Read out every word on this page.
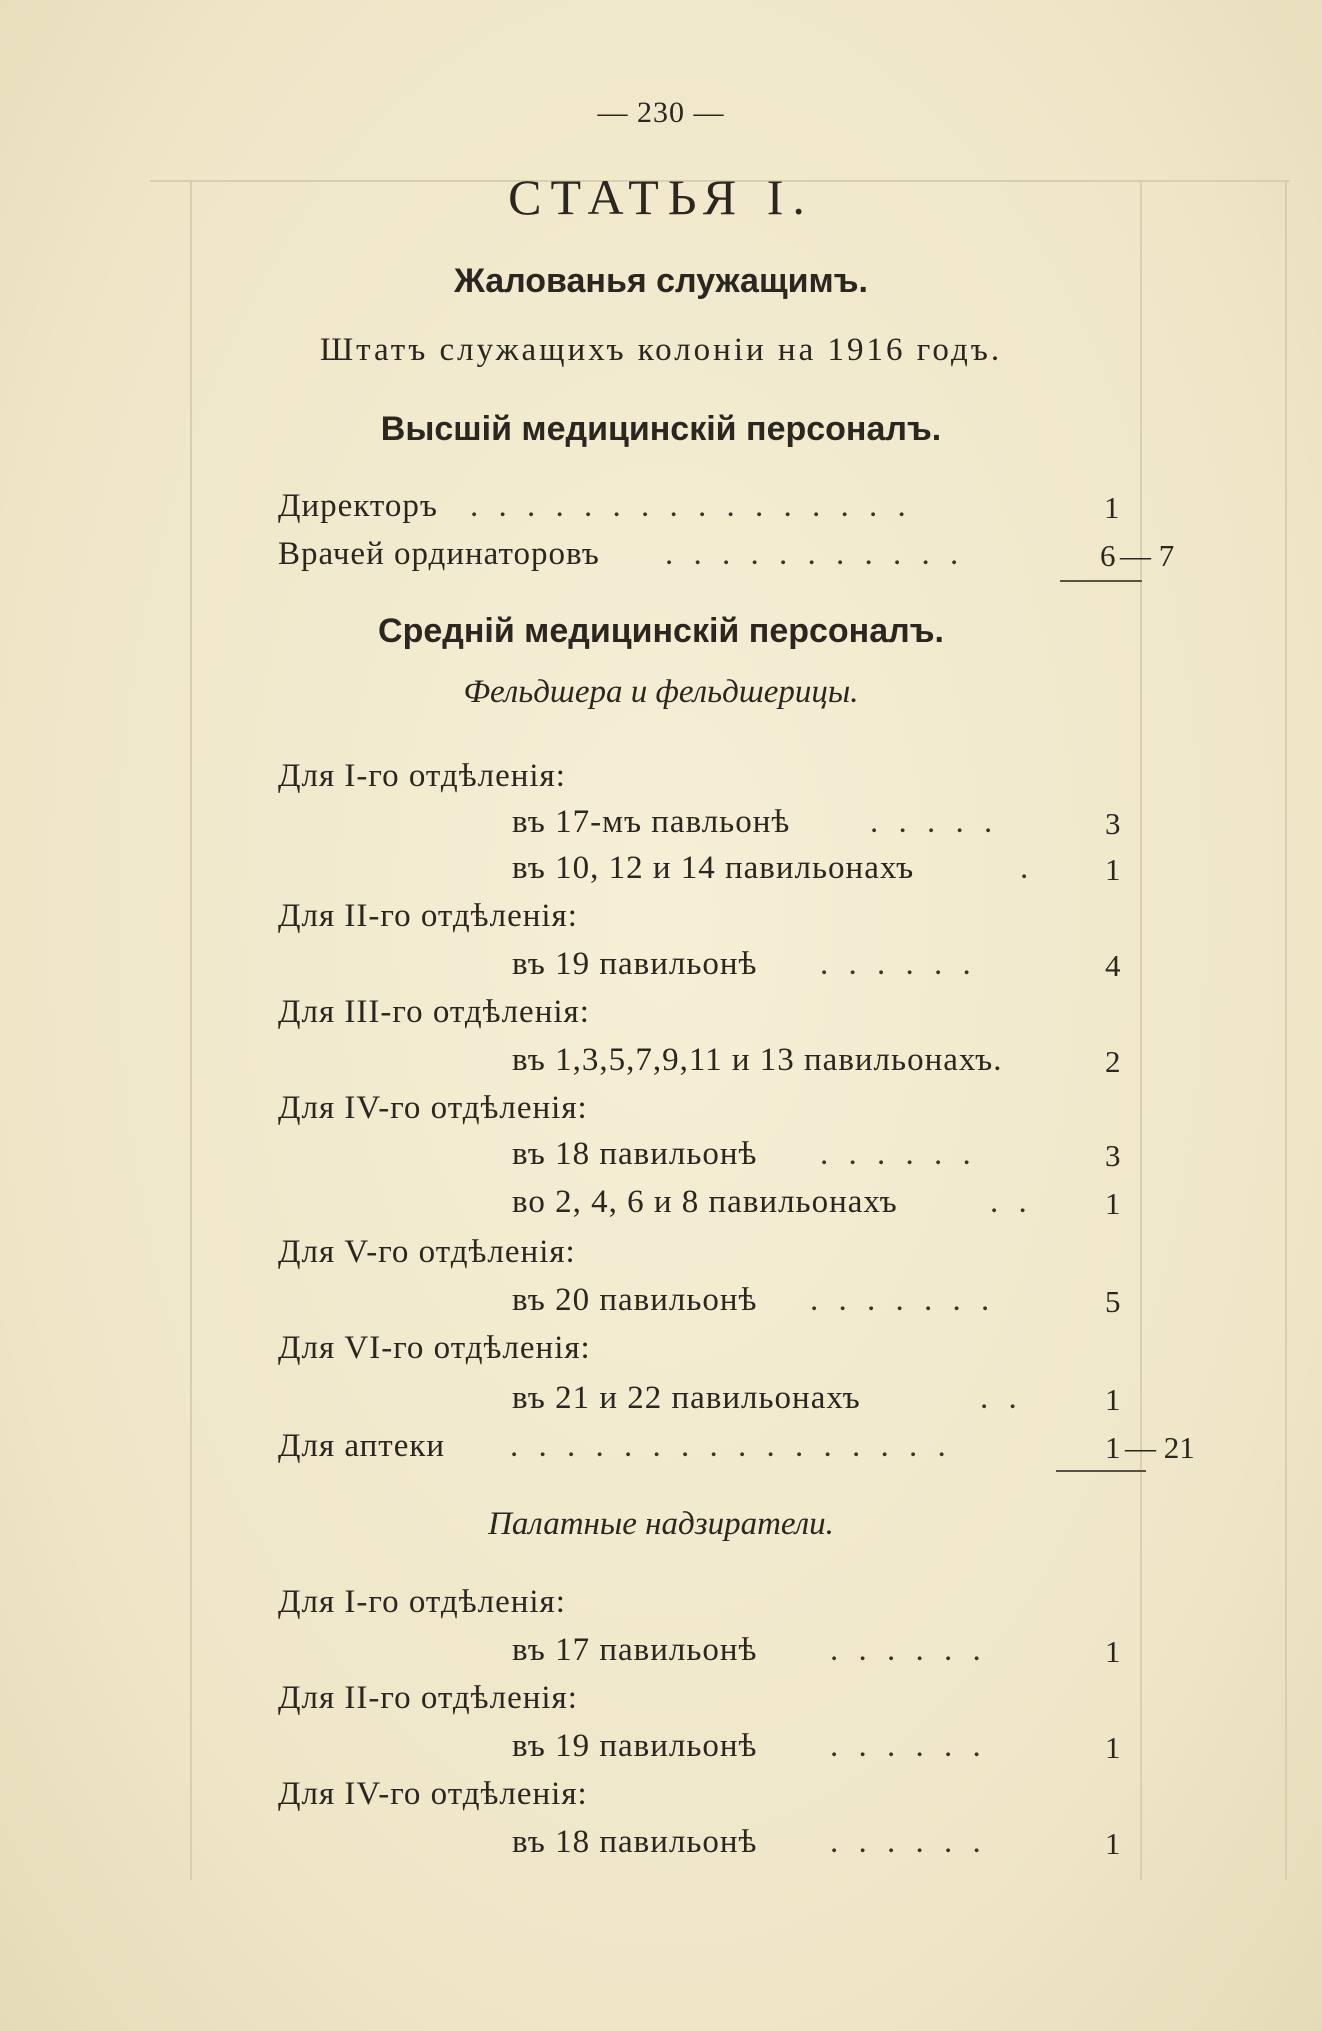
— 230 —
СТАТЬЯ I.
Жалованья служащимъ.
Штатъ служащихъ колоніи на 1916 годъ.
Высшій медицинскій персоналъ.
Директоръ . . . . . . . . . . . . . . . .	1
Врачей ординаторовъ . . . . . . . . . . .	6 — 7
Средній медицинскій персоналъ.
Фельдшера и фельдшерицы.
Для I-го отдѣленія:
въ 17-мъ павльонѣ . . . . .	3
въ 10, 12 и 14 павильонахъ	. 1
Для II-го отдѣленія:
въ 19 павильонѣ . . . . . .	4
Для III-го отдѣленія:
въ 1,3,5,7,9,11 и 13 павильонахъ.	2
Для IV-го отдѣленія:
въ 18 павильонѣ . . . . . .	3
во 2, 4, 6 и 8 павильонахъ	. . 1
Для V-го отдѣленія:
въ 20 павильонѣ . . . . . . .	5
Для VI-го отдѣленія:
въ 21 и 22 павильонахъ	. .	1
Для аптеки . . . . . . . . . . . . . . . .	1 — 21
Палатные надзиратели.
Для I-го отдѣленія:
въ 17 павильонѣ . . . . . .	1
Для II-го отдѣленія:
въ 19 павильонѣ . . . . . .	1
Для IV-го отдѣленія:
въ 18 павильонѣ . . . . . .	1
